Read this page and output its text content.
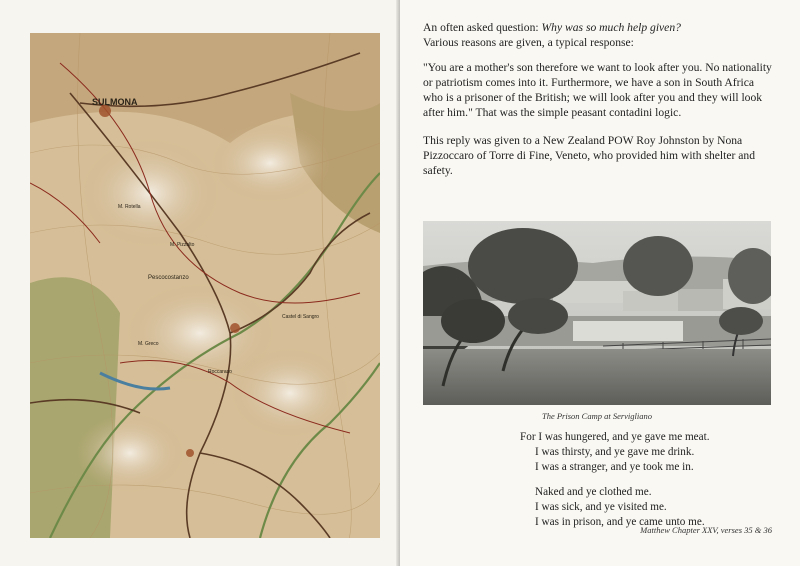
SULMONA
Pescocostanzo
M. Rotella
M. Greco
M. Pizzalto
Castel di Sangro
Roccaraso

An often asked question: Why was so much help given?

Various reasons are given, a typical response:

"You are a mother's son therefore we want to look after you. No nationality or patriotism comes into it. Furthermore, we have a son in South Africa who is a prisoner of the British; we will look after you and they will look after him." That was the simple peasant contadini logic.

This reply was given to a New Zealand POW Roy Johnston by Nona Pizzoccaro of Torre di Fine, Veneto, who provided him with shelter and safety.

The Prison Camp at Servigliano
For I was hungered, and ye gave me meat.
I was thirsty, and ye gave me drink.
I was a stranger, and ye took me in.
Naked and ye clothed me.
I was sick, and ye visited me.
I was in prison, and ye came unto me.
Matthew Chapter XXV, verses 35 & 36
